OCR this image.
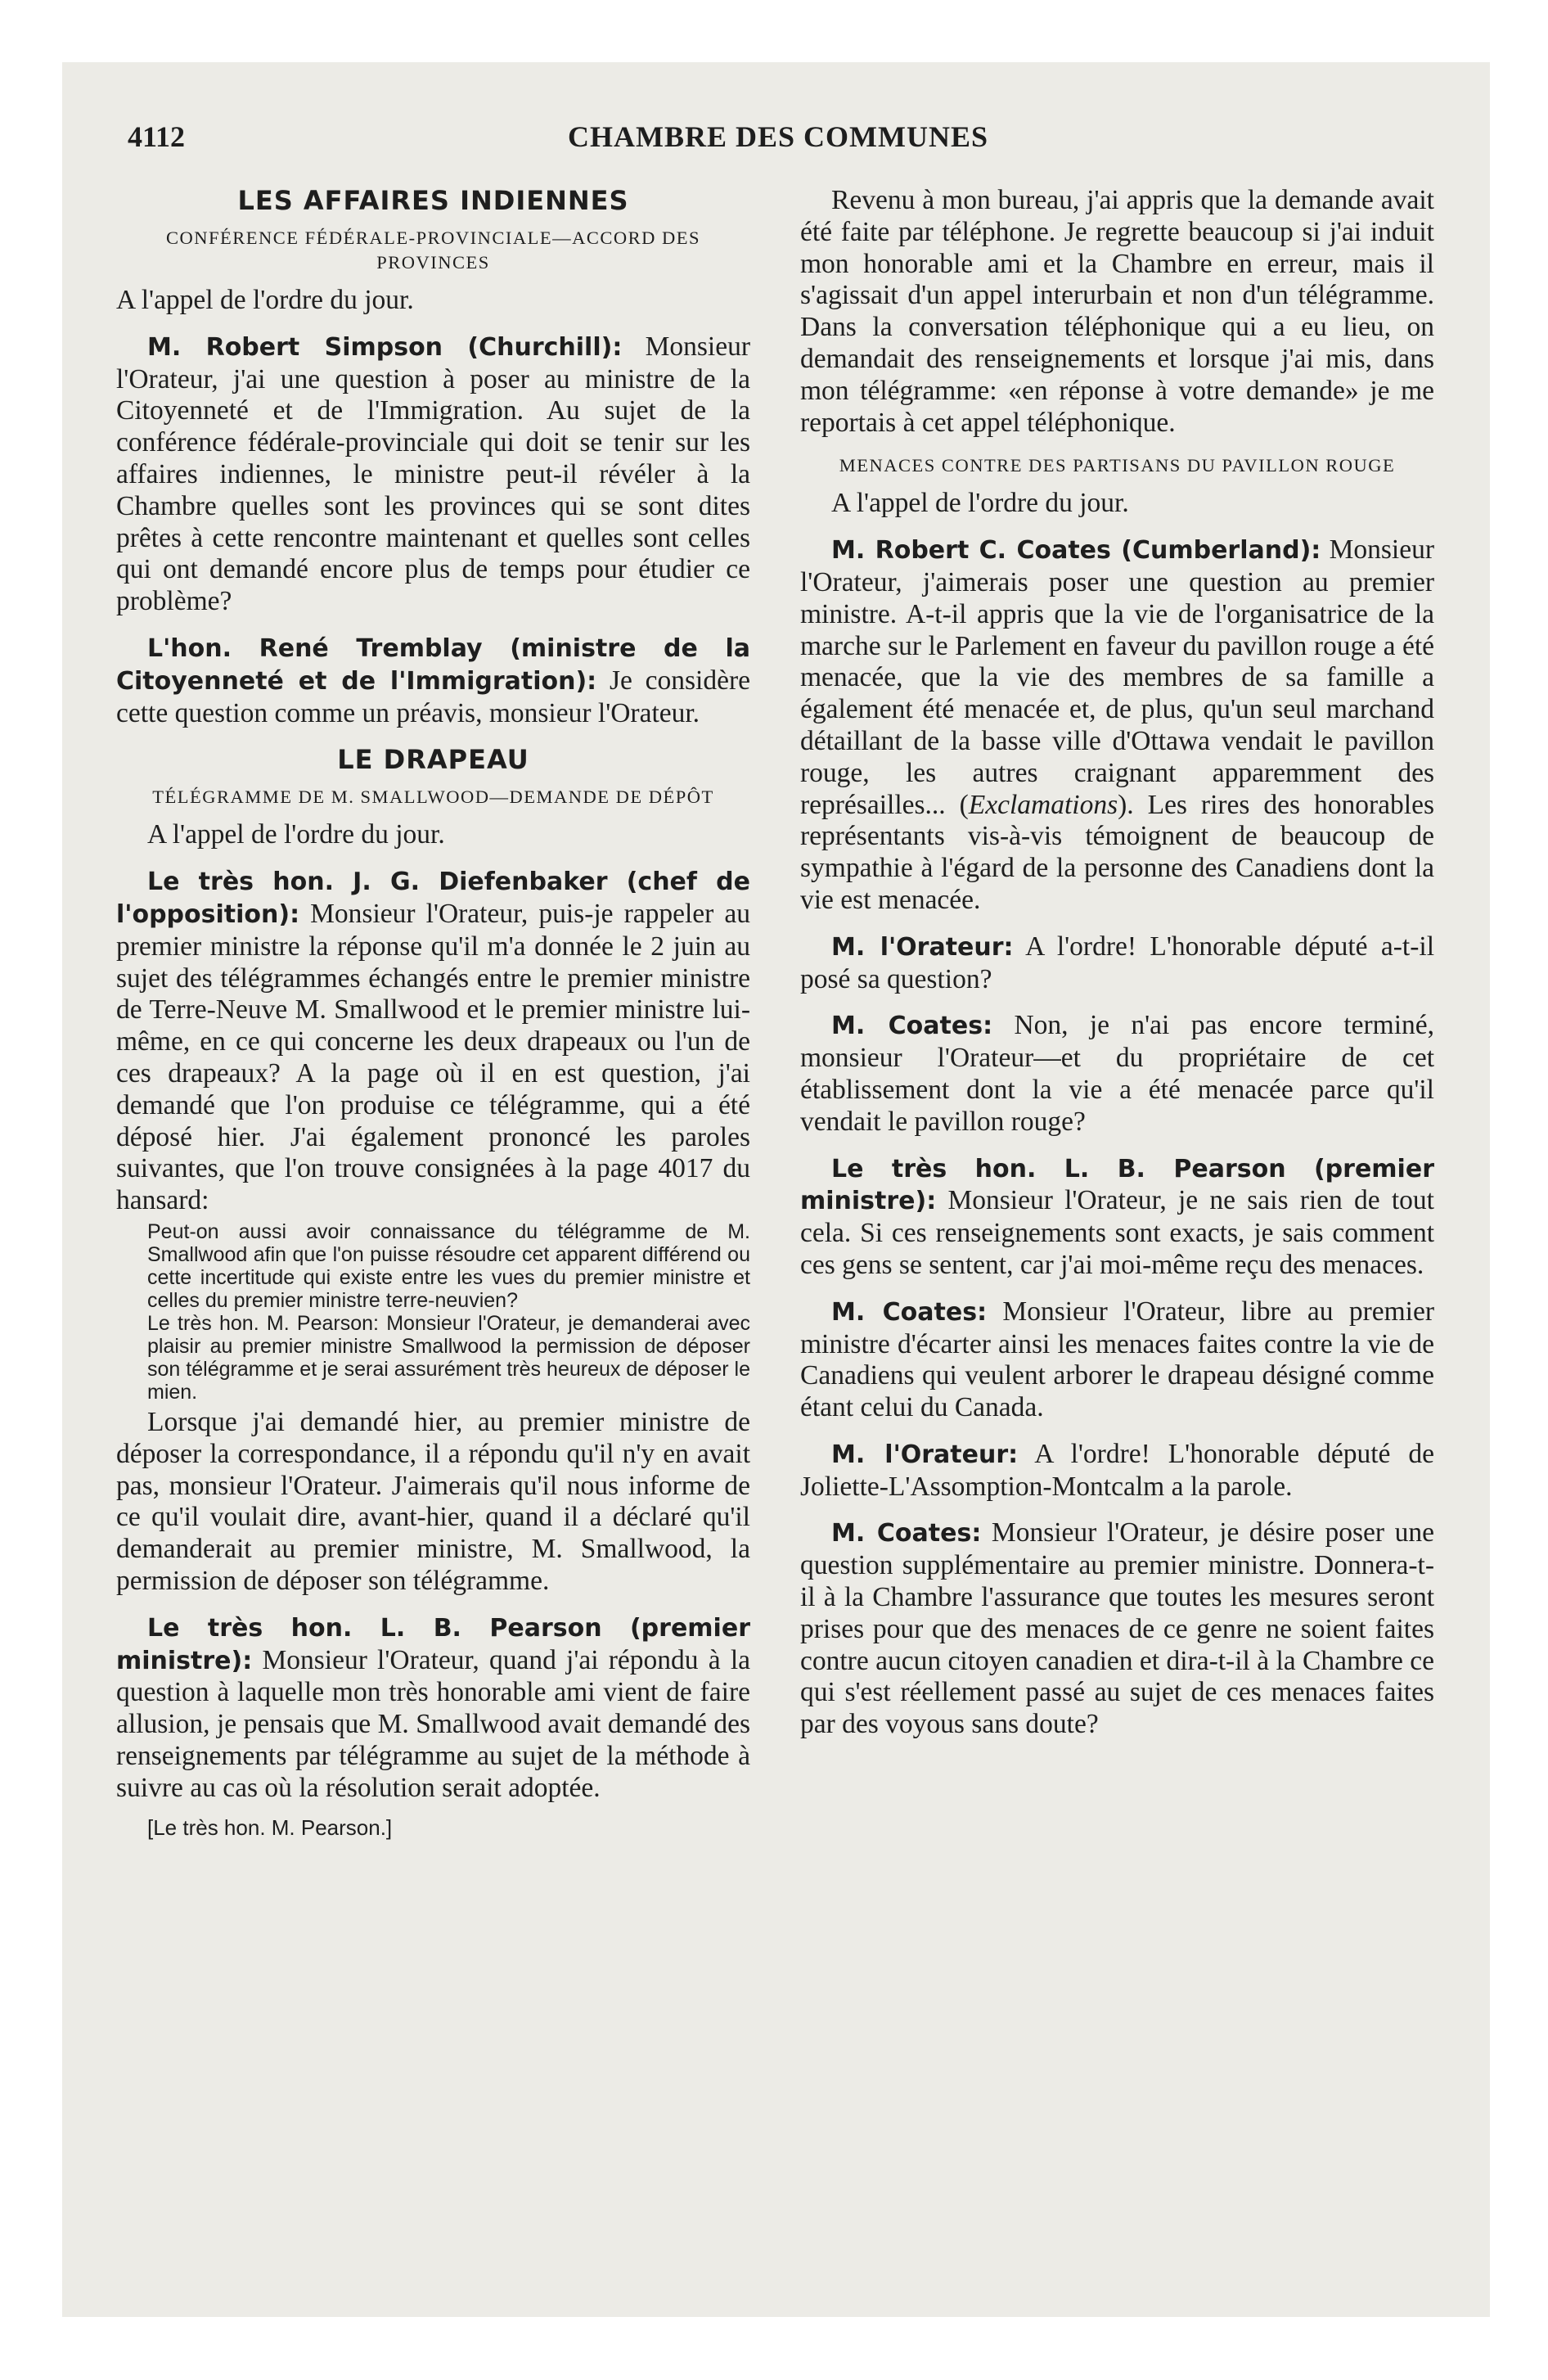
4112	CHAMBRE DES COMMUNES
LES AFFAIRES INDIENNES
CONFÉRENCE FÉDÉRALE-PROVINCIALE—ACCORD DES PROVINCES

A l'appel de l'ordre du jour.

M. Robert Simpson (Churchill): Monsieur l'Orateur, j'ai une question à poser au ministre de la Citoyenneté et de l'Immigration. Au sujet de la conférence fédérale-provinciale qui doit se tenir sur les affaires indiennes, le ministre peut-il révéler à la Chambre quelles sont les provinces qui se sont dites prêtes à cette rencontre maintenant et quelles sont celles qui ont demandé encore plus de temps pour étudier ce problème?

L'hon. René Tremblay (ministre de la Citoyenneté et de l'Immigration): Je considère cette question comme un préavis, monsieur l'Orateur.

LE DRAPEAU
TÉLÉGRAMME DE M. SMALLWOOD—DEMANDE DE DÉPÔT

A l'appel de l'ordre du jour.

Le très hon. J. G. Diefenbaker (chef de l'opposition): Monsieur l'Orateur, puis-je rappeler au premier ministre la réponse qu'il m'a donnée le 2 juin au sujet des télégrammes échangés entre le premier ministre de Terre-Neuve M. Smallwood et le premier ministre lui-même, en ce qui concerne les deux drapeaux ou l'un de ces drapeaux? A la page où il en est question, j'ai demandé que l'on produise ce télégramme, qui a été déposé hier. J'ai également prononcé les paroles suivantes, que l'on trouve consignées à la page 4017 du hansard:

Peut-on aussi avoir connaissance du télégramme de M. Smallwood afin que l'on puisse résoudre cet apparent différend ou cette incertitude qui existe entre les vues du premier ministre et celles du premier ministre terre-neuvien?

Le très hon. M. Pearson: Monsieur l'Orateur, je demanderai avec plaisir au premier ministre Smallwood la permission de déposer son télégramme et je serai assurément très heureux de déposer le mien.

Lorsque j'ai demandé hier, au premier ministre de déposer la correspondance, il a répondu qu'il n'y en avait pas, monsieur l'Orateur. J'aimerais qu'il nous informe de ce qu'il voulait dire, avant-hier, quand il a déclaré qu'il demanderait au premier ministre, M. Smallwood, la permission de déposer son télégramme.

Le très hon. L. B. Pearson (premier ministre): Monsieur l'Orateur, quand j'ai répondu à la question à laquelle mon très honorable ami vient de faire allusion, je pensais que M. Smallwood avait demandé des renseignements par télégramme au sujet de la méthode à suivre au cas où la résolution serait adoptée.

[Le très hon. M. Pearson.]

Revenu à mon bureau, j'ai appris que la demande avait été faite par téléphone. Je regrette beaucoup si j'ai induit mon honorable ami et la Chambre en erreur, mais il s'agissait d'un appel interurbain et non d'un télégramme. Dans la conversation téléphonique qui a eu lieu, on demandait des renseignements et lorsque j'ai mis, dans mon télégramme: «en réponse à votre demande» je me reportais à cet appel téléphonique.

MENACES CONTRE DES PARTISANS DU PAVILLON ROUGE

A l'appel de l'ordre du jour.

M. Robert C. Coates (Cumberland): Monsieur l'Orateur, j'aimerais poser une question au premier ministre. A-t-il appris que la vie de l'organisatrice de la marche sur le Parlement en faveur du pavillon rouge a été menacée, que la vie des membres de sa famille a également été menacée et, de plus, qu'un seul marchand détaillant de la basse ville d'Ottawa vendait le pavillon rouge, les autres craignant apparemment des représailles... (Exclamations). Les rires des honorables représentants vis-à-vis témoignent de beaucoup de sympathie à l'égard de la personne des Canadiens dont la vie est menacée.

M. l'Orateur: A l'ordre! L'honorable député a-t-il posé sa question?

M. Coates: Non, je n'ai pas encore terminé, monsieur l'Orateur—et du propriétaire de cet établissement dont la vie a été menacée parce qu'il vendait le pavillon rouge?

Le très hon. L. B. Pearson (premier ministre): Monsieur l'Orateur, je ne sais rien de tout cela. Si ces renseignements sont exacts, je sais comment ces gens se sentent, car j'ai moi-même reçu des menaces.

M. Coates: Monsieur l'Orateur, libre au premier ministre d'écarter ainsi les menaces faites contre la vie de Canadiens qui veulent arborer le drapeau désigné comme étant celui du Canada.

M. l'Orateur: A l'ordre! L'honorable député de Joliette-L'Assomption-Montcalm a la parole.

M. Coates: Monsieur l'Orateur, je désire poser une question supplémentaire au premier ministre. Donnera-t-il à la Chambre l'assurance que toutes les mesures seront prises pour que des menaces de ce genre ne soient faites contre aucun citoyen canadien et dira-t-il à la Chambre ce qui s'est réellement passé au sujet de ces menaces faites par des voyous sans doute?
